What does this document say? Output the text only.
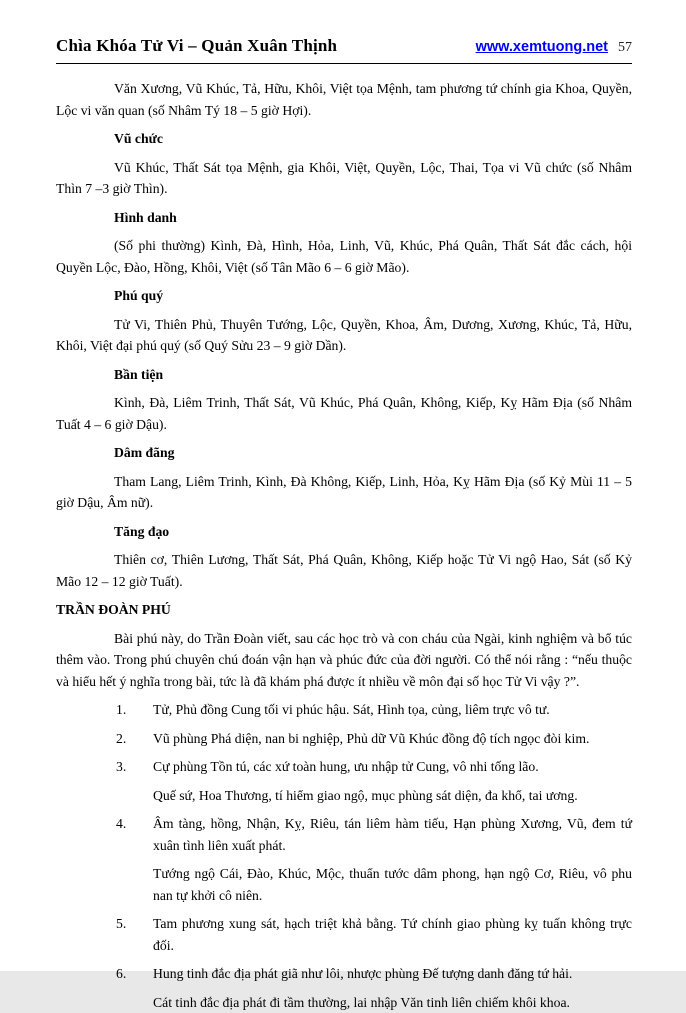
Chìa Khóa Tử Vi – Quản Xuân Thịnh	www.xemtuong.net 57

Văn Xương, Vũ Khúc, Tả, Hữu, Khôi, Việt tọa Mệnh, tam phương tứ chính gia Khoa, Quyền, Lộc vi văn quan (số Nhâm Tý 18 – 5 giờ Hợi).

Vũ chức

Vũ Khúc, Thất Sát tọa Mệnh, gia Khôi, Việt, Quyền, Lộc, Thai, Tọa vi Vũ chức (số Nhâm Thìn 7 –3 giờ Thìn).

Hình danh

(Số phi thường) Kình, Đà, Hình, Hỏa, Linh, Vũ, Khúc, Phá Quân, Thất Sát đắc cách, hội Quyền Lộc, Đào, Hồng, Khôi, Việt (số Tân Mão 6 – 6 giờ Mão).

Phú quý

Tử Vi, Thiên Phủ, Thuyên Tướng, Lộc, Quyền, Khoa, Âm, Dương, Xương, Khúc, Tả, Hữu, Khôi, Việt đại phú quý (số Quý Sửu 23 – 9 giờ Dần).

Bần tiện

Kình, Đà, Liêm Trinh, Thất Sát, Vũ Khúc, Phá Quân, Không, Kiếp, Kỵ Hãm Địa (số Nhâm Tuất 4 – 6 giờ Dậu).

Dâm đãng

Tham Lang, Liêm Trinh, Kình, Đà Không, Kiếp, Linh, Hỏa, Kỵ Hãm Địa (số Kỷ Mùi 11 – 5 giờ Dậu, Âm nữ).

Tăng đạo

Thiên cơ, Thiên Lương, Thất Sát, Phá Quân, Không, Kiếp hoặc Tử Vi ngộ Hao, Sát (số Kỷ Mão 12 – 12 giờ Tuất).

TRẦN ĐOÀN PHÚ

Bài phú này, do Trần Đoàn viết, sau các học trò và con cháu của Ngài, kinh nghiệm và bổ túc thêm vào. Trong phú chuyên chú đoán vận hạn và phúc đức của đời người. Có thể nói rằng : “nếu thuộc và hiểu hết ý nghĩa trong bài, tức là đã khám phá được ít nhiều về môn đại số học Tử Vi vậy ?”.

1.	Tử, Phủ đồng Cung tối vi phúc hậu. Sát, Hình tọa, củng, liêm trực vô tư.
2.	Vũ phùng Phá diện, nan bi nghiệp, Phủ dữ Vũ Khúc đồng độ tích ngọc đòi kim.
3.	Cự phùng Tồn tú, các xứ toàn hung, ưu nhập tử Cung, vô nhi tống lão.

Quế sứ, Hoa Thương, tí hiểm giao ngộ, mục phùng sát diện, đa khổ, tai ương.

4.	Âm tàng, hồng, Nhận, Kỵ, Riêu, tán liêm hàm tiếu, Hạn phùng Xương, Vũ, đem tứ xuân tình liên xuất phát.

Tướng ngộ Cái, Đào, Khúc, Mộc, thuẩn tước dâm phong, hạn ngộ Cơ, Riêu, vô phu nan tự khởi cô niên.

5.	Tam phương xung sát, hạch triệt khả bằng. Tứ chính giao phùng kỵ tuấn không trực đối.
6.	Hung tinh đắc địa phát giã như lôi, nhược phùng Đế tượng danh đăng tứ hải.

Cát tinh đắc địa phát đi tầm thường, lai nhập Văn tinh liên chiếm khôi khoa.
